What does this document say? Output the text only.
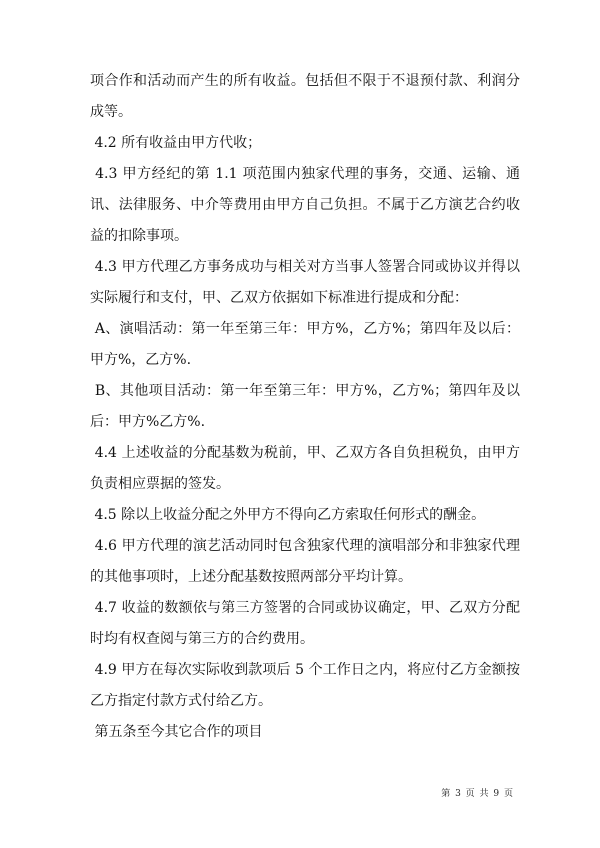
项合作和活动而产生的所有收益。包括但不限于不退预付款、利润分成等。

4.2 所有收益由甲方代收；

4.3 甲方经纪的第 1.1 项范围内独家代理的事务，交通、运输、通讯、法律服务、中介等费用由甲方自己负担。不属于乙方演艺合约收益的扣除事项。

4.3 甲方代理乙方事务成功与相关对方当事人签署合同或协议并得以实际履行和支付，甲、乙双方依据如下标准进行提成和分配：

A、演唱活动：第一年至第三年：甲方%，乙方%；第四年及以后：甲方%，乙方%.

B、其他项目活动：第一年至第三年：甲方%，乙方%；第四年及以后：甲方%乙方%.

4.4 上述收益的分配基数为税前，甲、乙双方各自负担税负，由甲方负责相应票据的签发。

4.5 除以上收益分配之外甲方不得向乙方索取任何形式的酬金。

4.6 甲方代理的演艺活动同时包含独家代理的演唱部分和非独家代理的其他事项时，上述分配基数按照两部分平均计算。

4.7 收益的数额依与第三方签署的合同或协议确定，甲、乙双方分配时均有权查阅与第三方的合约费用。

4.9 甲方在每次实际收到款项后 5 个工作日之内，将应付乙方金额按乙方指定付款方式付给乙方。

第五条至今其它合作的项目

第 3 页 共 9 页
